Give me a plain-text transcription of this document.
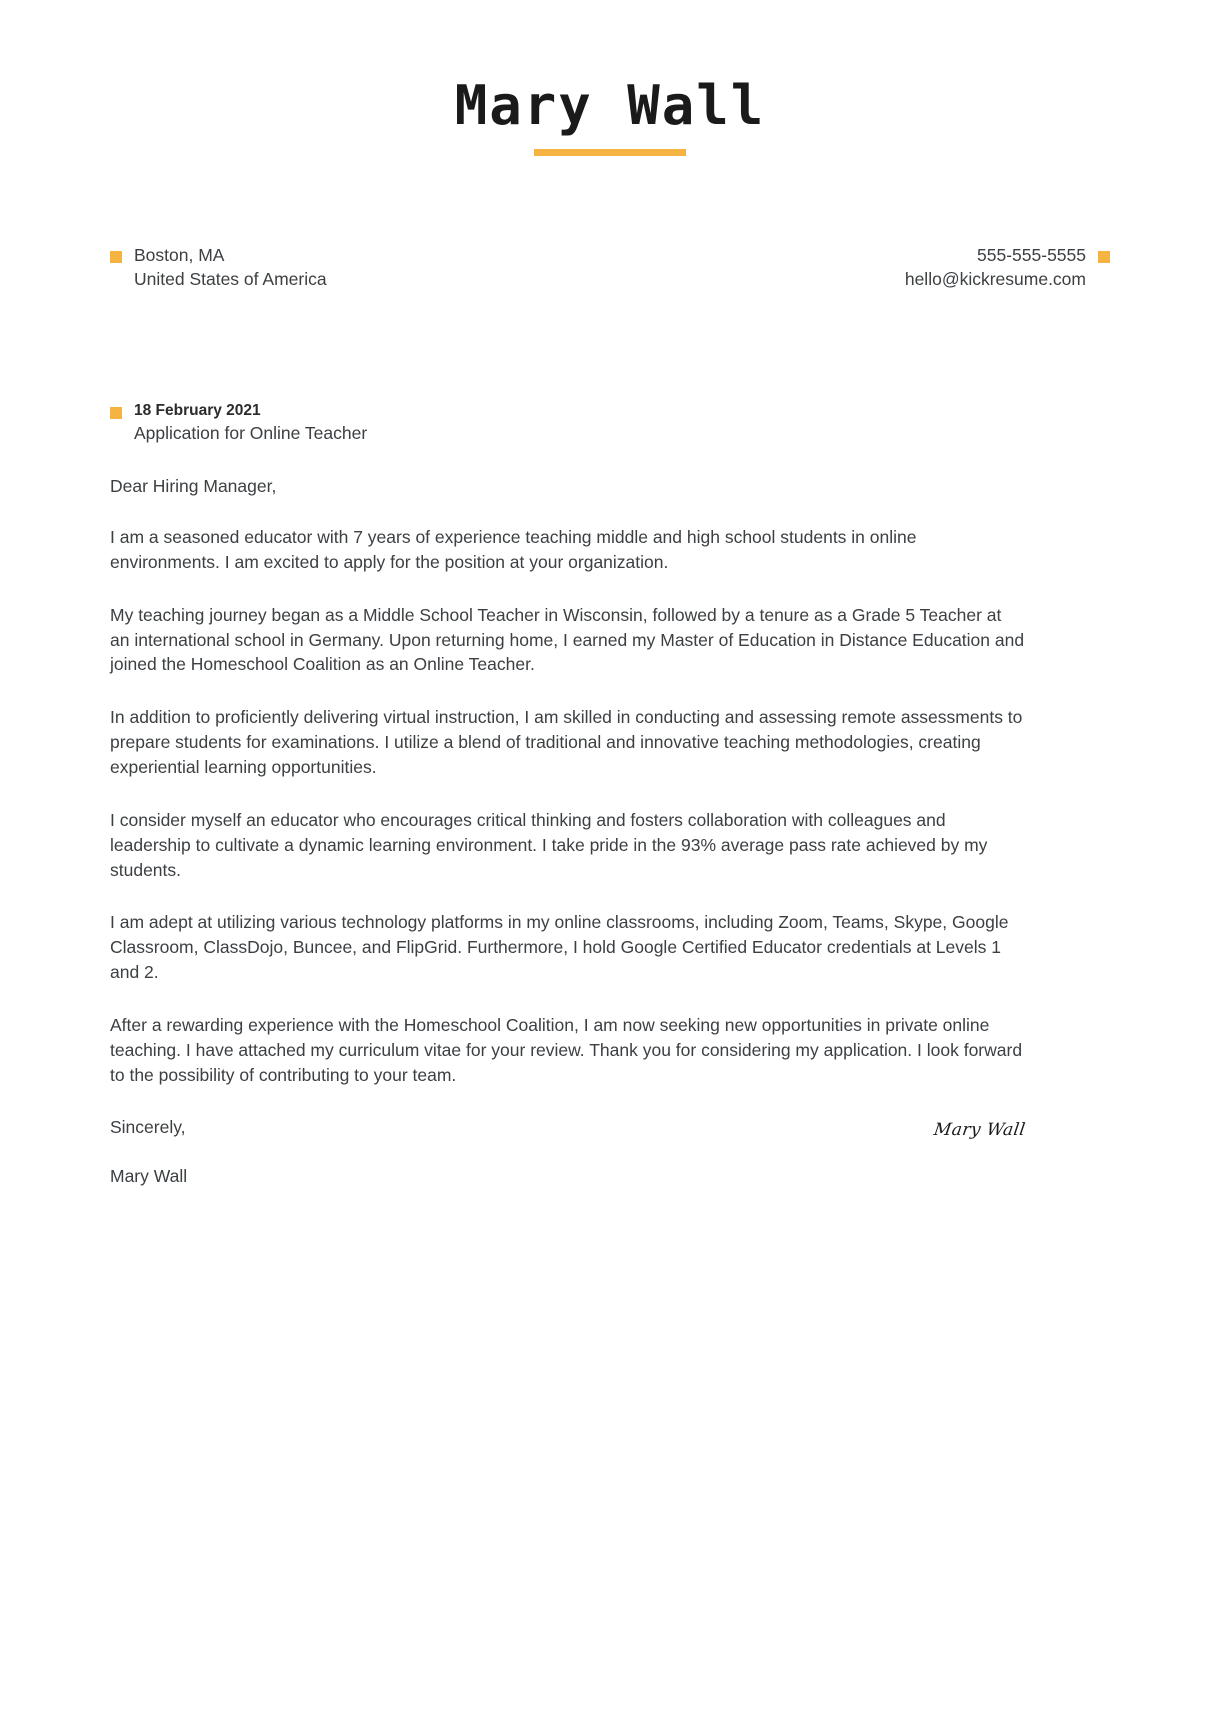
Mary Wall
Boston, MA
United States of America
555-555-5555
hello@kickresume.com
18 February 2021
Application for Online Teacher
Dear Hiring Manager,
I am a seasoned educator with 7 years of experience teaching middle and high school students in online environments. I am excited to apply for the position at your organization.
My teaching journey began as a Middle School Teacher in Wisconsin, followed by a tenure as a Grade 5 Teacher at an international school in Germany. Upon returning home, I earned my Master of Education in Distance Education and joined the Homeschool Coalition as an Online Teacher.
In addition to proficiently delivering virtual instruction, I am skilled in conducting and assessing remote assessments to prepare students for examinations. I utilize a blend of traditional and innovative teaching methodologies, creating experiential learning opportunities.
I consider myself an educator who encourages critical thinking and fosters collaboration with colleagues and leadership to cultivate a dynamic learning environment. I take pride in the 93% average pass rate achieved by my students.
I am adept at utilizing various technology platforms in my online classrooms, including Zoom, Teams, Skype, Google Classroom, ClassDojo, Buncee, and FlipGrid. Furthermore, I hold Google Certified Educator credentials at Levels 1 and 2.
After a rewarding experience with the Homeschool Coalition, I am now seeking new opportunities in private online teaching. I have attached my curriculum vitae for your review. Thank you for considering my application. I look forward to the possibility of contributing to your team.
Sincerely,
Mary Wall
Mary Wall
